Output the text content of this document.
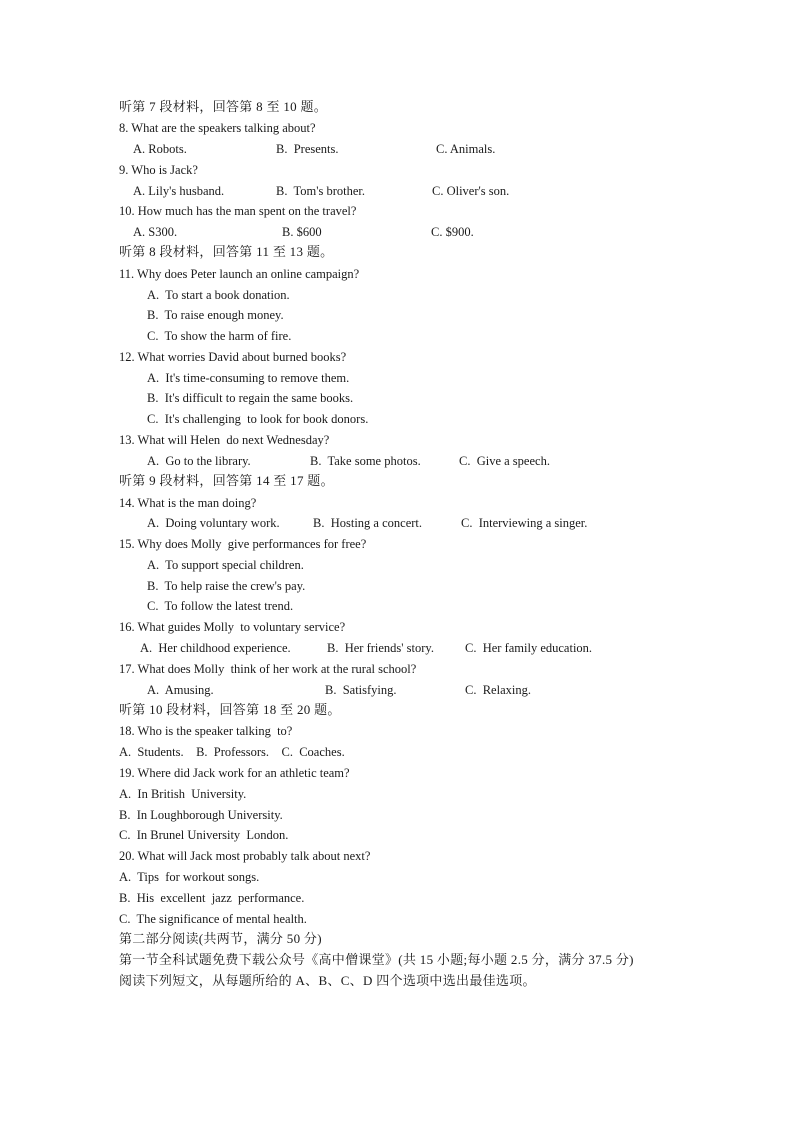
听第 7 段材料，回答第 8 至 10 题。
8. What are the speakers talking about?

A. Robots.

	B.  Presents.

	C. Animals.

9. Who is Jack?

A. Lily's husband.

	B.  Tom's brother.

	C. Oliver's son.

10. How much has the man spent on the travel?

A. S300.

	B. $600

	C. $900.

听第 8 段材料，回答第 11 至 13 题。
11. Why does Peter launch an online campaign?
A.  To start a book donation.
B.  To raise enough money.
C.  To show the harm of fire.
12. What worries David about burned books?
A.  It's time-consuming to remove them.
B.  It's difficult to regain the same books.
C.  It's challenging  to look for book donors.
13. What will Helen  do next Wednesday?

A.  Go to the library.

	B.  Take some photos.

	C.  Give a speech.

听第 9 段材料，回答第 14 至 17 题。
14. What is the man doing?

A.  Doing voluntary work.

	B.  Hosting a concert.

	C.  Interviewing a singer.

15. Why does Molly  give performances for free?
A.  To support special children.
B.  To help raise the crew's pay.
C.  To follow the latest trend.
16. What guides Molly  to voluntary service?

A.  Her childhood experience.

	B.  Her friends' story.

C.  Her family education.

17. What does Molly  think of her work at the rural school?

A.  Amusing.

	B.  Satisfying.

	C.  Relaxing.

听第 10 段材料，回答第 18 至 20 题。
18. Who is the speaker talking  to?
A.  Students.    B.  Professors.    C.  Coaches.
19. Where did Jack work for an athletic team?
A.  In British  University.
B.  In Loughborough University.
C.  In Brunel University  London.
20. What will Jack most probably talk about next?
A.  Tips  for workout songs.
B.  His  excellent  jazz  performance.
C.  The significance of mental health.
第二部分阅读(共两节，满分 50 分)
第一节全科试题免费下载公众号《高中僧课堂》(共 15 小题;每小题 2.5 分，满分 37.5 分)
阅读下列短文，从每题所给的 A、B、C、D 四个选项中选出最佳选项。
